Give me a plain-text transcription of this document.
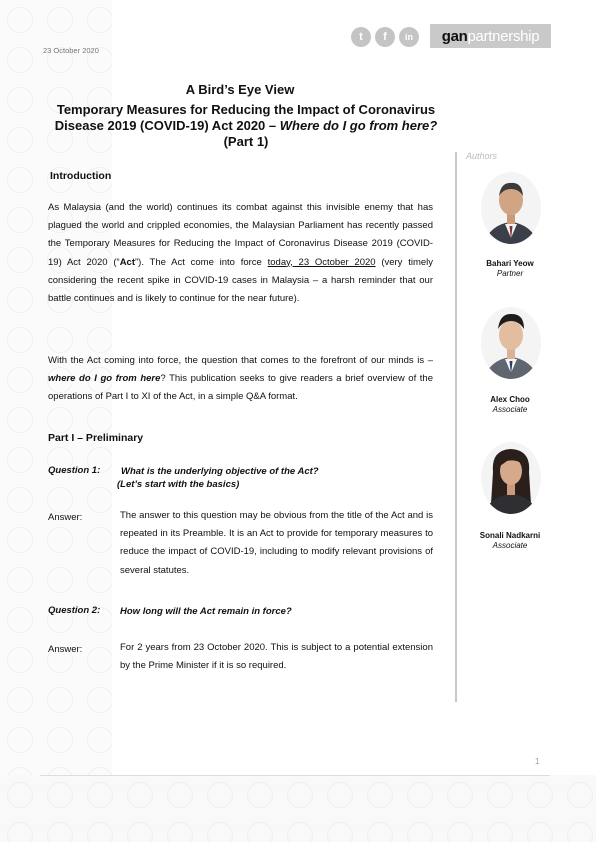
23 October 2020
t	f	in	gan partnership
A Bird’s Eye View
Temporary Measures for Reducing the Impact of Coronavirus Disease 2019 (COVID-19) Act 2020 – Where do I go from here? (Part 1)
Authors
Bahari Yeow
Partner
Alex Choo
Associate
Sonali Nadkarni
Associate
Introduction

As Malaysia (and the world) continues its combat against this invisible enemy that has plagued the world and crippled economies, the Malaysian Parliament has recently passed the Temporary Measures for Reducing the Impact of Coronavirus Disease 2019 (COVID-19) Act 2020 (“Act”). The Act come into force today, 23 October 2020 (very timely considering the recent spike in COVID-19 cases in Malaysia – a harsh reminder that our battle continues and is likely to continue for the near future).

With the Act coming into force, the question that comes to the forefront of our minds is – where do I go from here? This publication seeks to give readers a brief overview of the operations of Part I to XI of the Act, in a simple Q&A format.

Part I – Preliminary
Question 1: What is the underlying objective of the Act?
(Let’s start with the basics)
Answer:	The answer to this question may be obvious from the title of the Act and is repeated in its Preamble. It is an Act to provide for temporary measures to reduce the impact of COVID-19, including to modify relevant provisions of several statutes.

Question 2: How long will the Act remain in force?
Answer:	For 2 years from 23 October 2020. This is subject to a potential extension by the Prime Minister if it is so required.

1
